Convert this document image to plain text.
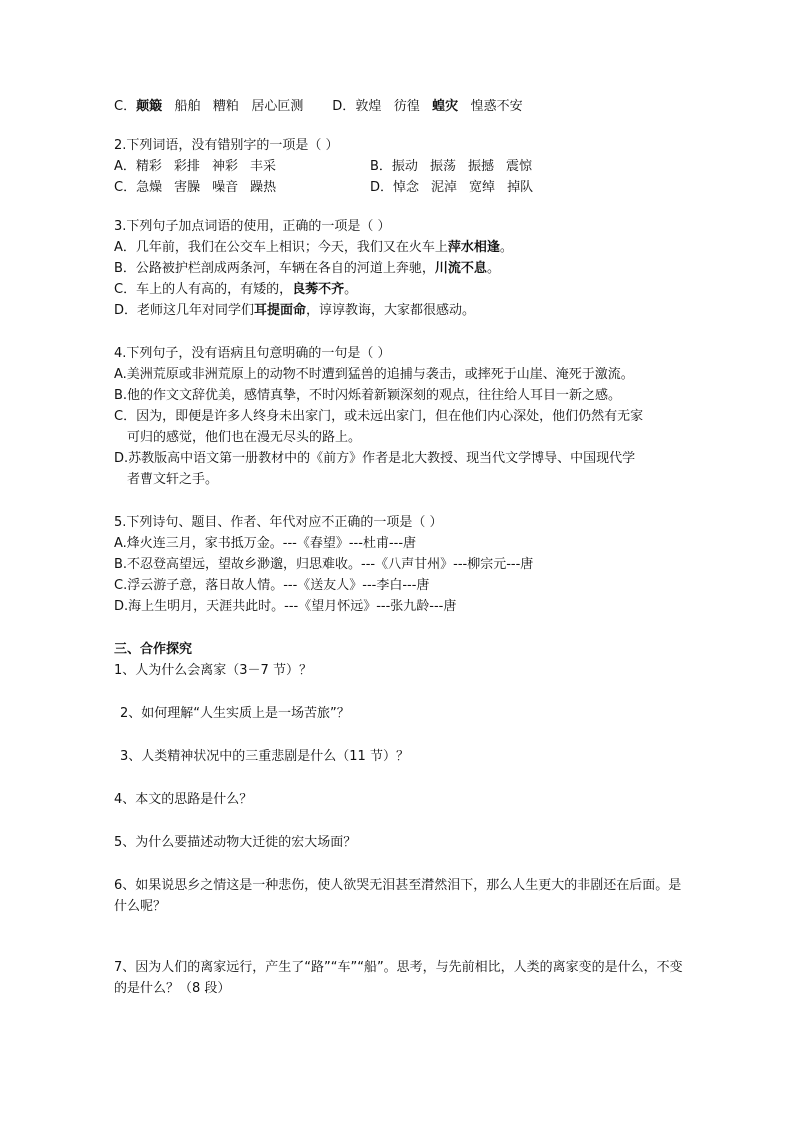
C．颠簸 船舶 糟粕 居心叵测 D．敦煌 彷徨 蝗灾 惶惑不安
2.下列词语，没有错别字的一项是（ ）
A． 精彩 彩排 神彩 丰采	B． 振动 振荡 振撼 震惊
C． 急燥 害臊 噪音 躁热	D． 悼念 泥淖 宽绰 掉队
3.下列句子加点词语的使用，正确的一项是（ ）
A．几年前，我们在公交车上相识；今天，我们又在火车上萍水相逢。
B．公路被护栏剖成两条河，车辆在各自的河道上奔驰，川流不息。
C．车上的人有高的，有矮的，良莠不齐。
D．老师这几年对同学们耳提面命，谆谆教诲，大家都很感动。
4.下列句子，没有语病且句意明确的一句是（ ）
A.美洲荒原或非洲荒原上的动物不时遭到猛兽的追捕与袭击，或摔死于山崖、淹死于激流。
B.他的作文文辞优美，感情真挚，不时闪烁着新颖深刻的观点，往往给人耳目一新之感。
C．因为，即便是许多人终身未出家门，或未远出家门，但在他们内心深处，他们仍然有无家
可归的感觉，他们也在漫无尽头的路上。
D.苏教版高中语文第一册教材中的《前方》作者是北大教授、现当代文学博导、中国现代学
者曹文轩之手。
5.下列诗句、题目、作者、年代对应不正确的一项是（ ）
A.烽火连三月，家书抵万金。---《春望》---杜甫---唐
B.不忍登高望远，望故乡渺邈，归思难收。---《八声甘州》---柳宗元---唐
C.浮云游子意，落日故人情。---《送友人》---李白---唐
D.海上生明月，天涯共此时。---《望月怀远》---张九龄---唐
三、合作探究
1、人为什么会离家（3－7 节）？
2、如何理解“人生实质上是一场苦旅”？
3、人类精神状况中的三重悲剧是什么（11 节）？
4、本文的思路是什么？
5、为什么要描述动物大迁徙的宏大场面？
6、如果说思乡之情这是一种悲伤，使人欲哭无泪甚至潸然泪下，那么人生更大的非剧还在后面。是什么呢？
7、因为人们的离家远行，产生了“路”“车”“船”。思考，与先前相比，人类的离家变的是什么，不变的是什么？（8 段）
